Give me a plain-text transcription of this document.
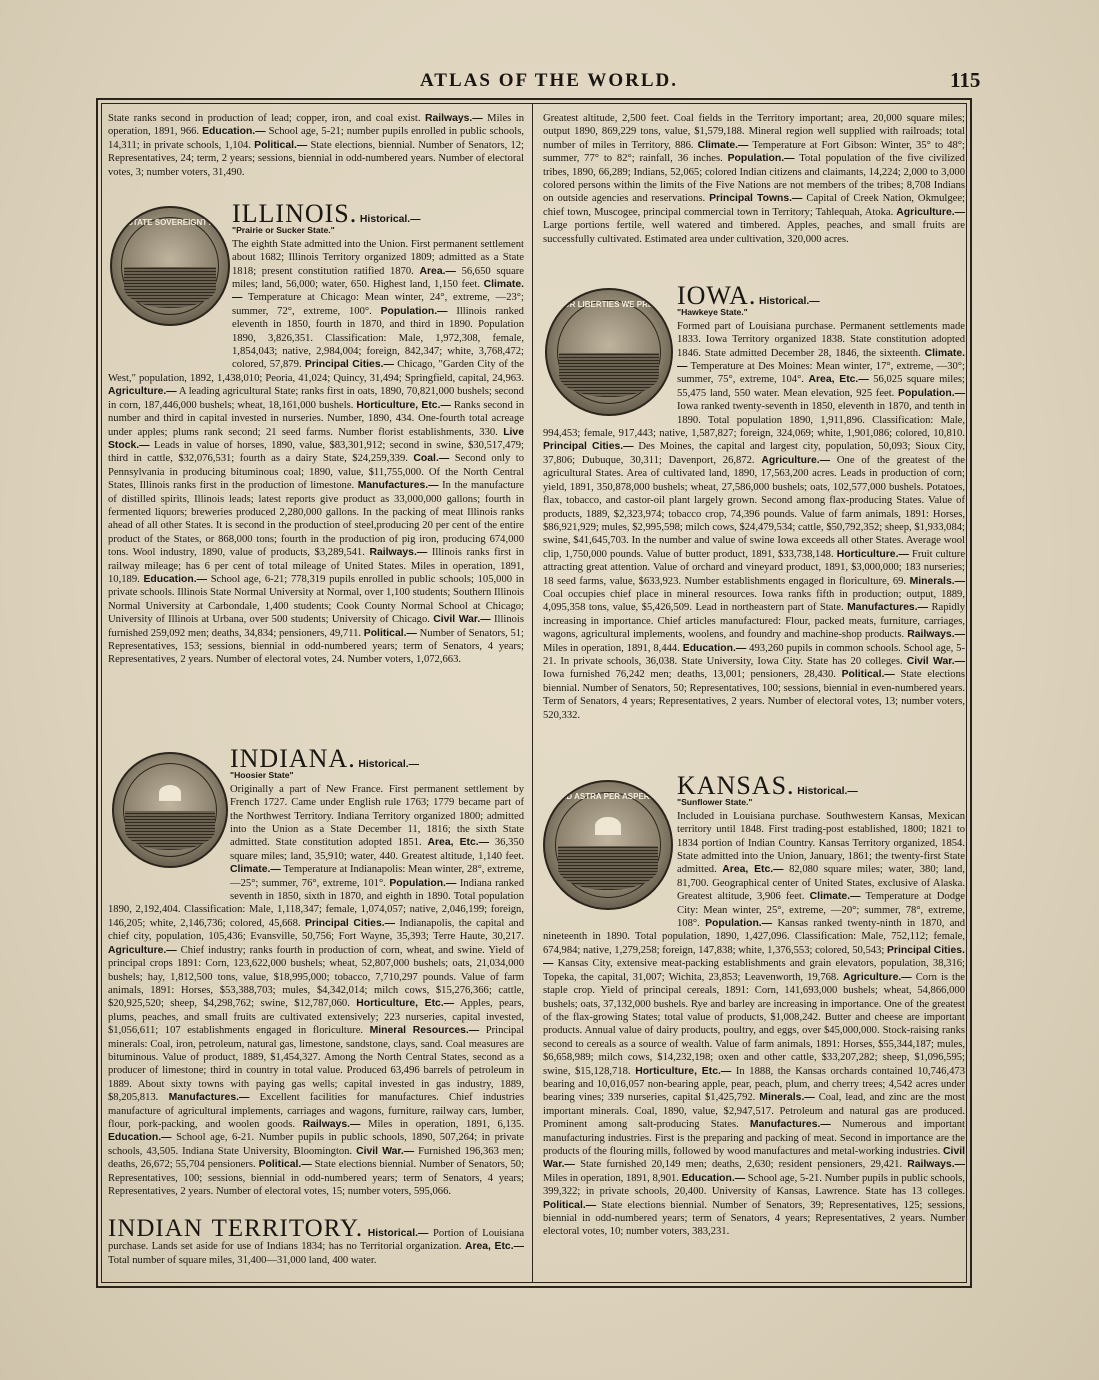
ATLAS OF THE WORLD.	115

State ranks second in production of lead; copper, iron, and coal exist. Railways.— Miles in operation, 1891, 966. Education.— School age, 5-21; number pupils enrolled in public schools, 14,311; in private schools, 1,104. Political.— State elections, biennial. Number of Senators, 12; Representatives, 24; term, 2 years; sessions, biennial in odd-numbered years. Number of electoral votes, 3; number voters, 31,490.

STATE SOVEREIGNTY ILLINOIS. Historical.—
"Prairie or Sucker State."

The eighth State admitted into the Union. First permanent settlement about 1682; Illinois Territory organized 1809; admitted as a State 1818; present constitution ratified 1870. Area.— 56,650 square miles; land, 56,000; water, 650. Highest land, 1,150 feet. Climate.— Temperature at Chicago: Mean winter, 24°, extreme, —23°; summer, 72°, extreme, 100°. Population.— Illinois ranked eleventh in 1850, fourth in 1870, and third in 1890. Population 1890, 3,826,351. Classification: Male, 1,972,308, female, 1,854,043; native, 2,984,004; foreign, 842,347; white, 3,768,472; colored, 57,879. Principal Cities.— Chicago, "Garden City of the West," population, 1892, 1,438,010; Peoria, 41,024; Quincy, 31,494; Springfield, capital, 24,963. Agriculture.— A leading agricultural State; ranks first in oats, 1890, 70,821,000 bushels; second in corn, 187,446,000 bushels; wheat, 18,161,000 bushels. Horticulture, Etc.— Ranks second in number and third in capital invested in nurseries. Number, 1890, 434. One-fourth total acreage under apples; plums rank second; 21 seed farms. Number florist establishments, 330. Live Stock.— Leads in value of horses, 1890, value, $83,301,912; second in swine, $30,517,479; third in cattle, $32,076,531; fourth as a dairy State, $24,259,339. Coal.— Second only to Pennsylvania in producing bituminous coal; 1890, value, $11,755,000. Of the North Central States, Illinois ranks first in the production of limestone. Manufactures.— In the manufacture of distilled spirits, Illinois leads; latest reports give product as 33,000,000 gallons; fourth in fermented liquors; breweries produced 2,280,000 gallons. In the packing of meat Illinois ranks ahead of all other States. It is second in the production of steel,producing 20 per cent of the entire product of the States, or 868,000 tons; fourth in the production of pig iron, producing 674,000 tons. Wool industry, 1890, value of products, $3,289,541. Railways.— Illinois ranks first in railway mileage; has 6 per cent of total mileage of United States. Miles in operation, 1891, 10,189. Education.— School age, 6-21; 778,319 pupils enrolled in public schools; 105,000 in private schools. Illinois State Normal University at Normal, over 1,100 students; Southern Illinois Normal University at Carbondale, 1,400 students; Cook County Normal School at Chicago; University of Illinois at Urbana, over 500 students; University of Chicago. Civil War.— Illinois furnished 259,092 men; deaths, 34,834; pensioners, 49,711. Political.— Number of Senators, 51; Representatives, 153; sessions, biennial in odd-numbered years; term of Senators, 4 years; Representatives, 2 years. Number of electoral votes, 24. Number voters, 1,072,663.

INDIANA. Historical.—
"Hoosier State"

Originally a part of New France. First permanent settlement by French 1727. Came under English rule 1763; 1779 became part of the Northwest Territory. Indiana Territory organized 1800; admitted into the Union as a State December 11, 1816; the sixth State admitted. State constitution adopted 1851. Area, Etc.— 36,350 square miles; land, 35,910; water, 440. Greatest altitude, 1,140 feet. Climate.— Temperature at Indianapolis: Mean winter, 28°, extreme, —25°; summer, 76°, extreme, 101°. Population.— Indiana ranked seventh in 1850, sixth in 1870, and eighth in 1890. Total population 1890, 2,192,404. Classification: Male, 1,118,347; female, 1,074,057; native, 2,046,199; foreign, 146,205; white, 2,146,736; colored, 45,668. Principal Cities.— Indianapolis, the capital and chief city, population, 105,436; Evansville, 50,756; Fort Wayne, 35,393; Terre Haute, 30,217. Agriculture.— Chief industry; ranks fourth in production of corn, wheat, and swine. Yield of principal crops 1891: Corn, 123,622,000 bushels; wheat, 52,807,000 bushels; oats, 21,034,000 bushels; hay, 1,812,500 tons, value, $18,995,000; tobacco, 7,710,297 pounds. Value of farm animals, 1891: Horses, $53,388,703; mules, $4,342,014; milch cows, $15,276,366; cattle, $20,925,520; sheep, $4,298,762; swine, $12,787,060. Horticulture, Etc.— Apples, pears, plums, peaches, and small fruits are cultivated extensively; 223 nurseries, capital invested, $1,056,611; 107 establishments engaged in floriculture. Mineral Resources.— Principal minerals: Coal, iron, petroleum, natural gas, limestone, sandstone, clays, sand. Coal measures are bituminous. Value of product, 1889, $1,454,327. Among the North Central States, second as a producer of limestone; third in country in total value. Produced 63,496 barrels of petroleum in 1889. About sixty towns with paying gas wells; capital invested in gas industry, 1889, $8,205,813. Manufactures.— Excellent facilities for manufactures. Chief industries manufacture of agricultural implements, carriages and wagons, furniture, railway cars, lumber, flour, pork-packing, and woolen goods. Railways.— Miles in operation, 1891, 6,135. Education.— School age, 6-21. Number pupils in public schools, 1890, 507,264; in private schools, 43,505. Indiana State University, Bloomington. Civil War.— Furnished 196,363 men; deaths, 26,672; 55,704 pensioners. Political.— State elections biennial. Number of Senators, 50; Representatives, 100; sessions, biennial in odd-numbered years; term of Senators, 4 years; Representatives, 2 years. Number of electoral votes, 15; number voters, 595,066.

INDIAN TERRITORY. Historical.— Portion of Louisiana purchase. Lands set aside for use of Indians 1834; has no Territorial organization. Area, Etc.— Total number of square miles, 31,400—31,000 land, 400 water.

Greatest altitude, 2,500 feet. Coal fields in the Territory important; area, 20,000 square miles; output 1890, 869,229 tons, value, $1,579,188. Mineral region well supplied with railroads; total number of miles in Territory, 886. Climate.— Temperature at Fort Gibson: Winter, 35° to 48°; summer, 77° to 82°; rainfall, 36 inches. Population.— Total population of the five civilized tribes, 1890, 66,289; Indians, 52,065; colored Indian citizens and claimants, 14,224; 2,000 to 3,000 colored persons within the limits of the Five Nations are not members of the tribes; 8,708 Indians on outside agencies and reservations. Principal Towns.— Capital of Creek Nation, Okmulgee; chief town, Muscogee, principal commercial town in Territory; Tahlequah, Atoka. Agriculture.— Large portions fertile, well watered and timbered. Apples, peaches, and small fruits are successfully cultivated. Estimated area under cultivation, 320,000 acres.

OUR LIBERTIES WE PRIZE IOWA. Historical.—
"Hawkeye State."

Formed part of Louisiana purchase. Permanent settlements made 1833. Iowa Territory organized 1838. State constitution adopted 1846. State admitted December 28, 1846, the sixteenth. Climate.— Temperature at Des Moines: Mean winter, 17°, extreme, —30°; summer, 75°, extreme, 104°. Area, Etc.— 56,025 square miles; 55,475 land, 550 water. Mean elevation, 925 feet. Population.— Iowa ranked twenty-seventh in 1850, eleventh in 1870, and tenth in 1890. Total population 1890, 1,911,896. Classification: Male, 994,453; female, 917,443; native, 1,587,827; foreign, 324,069; white, 1,901,086; colored, 10,810. Principal Cities.— Des Moines, the capital and largest city, population, 50,093; Sioux City, 37,806; Dubuque, 30,311; Davenport, 26,872. Agriculture.— One of the greatest of the agricultural States. Area of cultivated land, 1890, 17,563,200 acres. Leads in production of corn; yield, 1891, 350,878,000 bushels; wheat, 27,586,000 bushels; oats, 102,577,000 bushels. Potatoes, flax, tobacco, and castor-oil plant largely grown. Second among flax-producing States. Value of products, 1889, $2,323,974; tobacco crop, 74,396 pounds. Value of farm animals, 1891: Horses, $86,921,929; mules, $2,995,598; milch cows, $24,479,534; cattle, $50,792,352; sheep, $1,933,084; swine, $41,645,703. In the number and value of swine Iowa exceeds all other States. Average wool clip, 1,750,000 pounds. Value of butter product, 1891, $33,738,148. Horticulture.— Fruit culture attracting great attention. Value of orchard and vineyard product, 1891, $3,000,000; 183 nurseries; 18 seed farms, value, $633,923. Number establishments engaged in floriculture, 69. Minerals.— Coal occupies chief place in mineral resources. Iowa ranks fifth in production; output, 1889, 4,095,358 tons, value, $5,426,509. Lead in northeastern part of State. Manufactures.— Rapidly increasing in importance. Chief articles manufactured: Flour, packed meats, furniture, carriages, wagons, agricultural implements, woolens, and foundry and machine-shop products. Railways.— Miles in operation, 1891, 8,444. Education.— 493,260 pupils in common schools. School age, 5-21. In private schools, 36,038. State University, Iowa City. State has 20 colleges. Civil War.— Iowa furnished 76,242 men; deaths, 13,001; pensioners, 28,430. Political.— State elections biennial. Number of Senators, 50; Representatives, 100; sessions, biennial in even-numbered years. Term of Senators, 4 years; Representatives, 2 years. Number of electoral votes, 13; number voters, 520,332.

AD ASTRA PER ASPERA KANSAS. Historical.—
"Sunflower State."

Included in Louisiana purchase. Southwestern Kansas, Mexican territory until 1848. First trading-post established, 1800; 1821 to 1834 portion of Indian Country. Kansas Territory organized, 1854. State admitted into the Union, January, 1861; the twenty-first State admitted. Area, Etc.— 82,080 square miles; water, 380; land, 81,700. Geographical center of United States, exclusive of Alaska. Greatest altitude, 3,906 feet. Climate.— Temperature at Dodge City: Mean winter, 25°, extreme, —20°; summer, 78°, extreme, 108°. Population.— Kansas ranked twenty-ninth in 1870, and nineteenth in 1890. Total population, 1890, 1,427,096. Classification: Male, 752,112; female, 674,984; native, 1,279,258; foreign, 147,838; white, 1,376,553; colored, 50,543; Principal Cities.— Kansas City, extensive meat-packing establishments and grain elevators, population, 38,316; Topeka, the capital, 31,007; Wichita, 23,853; Leavenworth, 19,768. Agriculture.— Corn is the staple crop. Yield of principal cereals, 1891: Corn, 141,693,000 bushels; wheat, 54,866,000 bushels; oats, 37,132,000 bushels. Rye and barley are increasing in importance. One of the greatest of the flax-growing States; total value of products, $1,008,242. Butter and cheese are important products. Annual value of dairy products, poultry, and eggs, over $45,000,000. Stock-raising ranks second to cereals as a source of wealth. Value of farm animals, 1891: Horses, $55,344,187; mules, $6,658,989; milch cows, $14,232,198; oxen and other cattle, $33,207,282; sheep, $1,096,595; swine, $15,128,718. Horticulture, Etc.— In 1888, the Kansas orchards contained 10,746,473 bearing and 10,016,057 non-bearing apple, pear, peach, plum, and cherry trees; 4,542 acres under bearing vines; 339 nurseries, capital $1,425,792. Minerals.— Coal, lead, and zinc are the most important minerals. Coal, 1890, value, $2,947,517. Petroleum and natural gas are produced. Prominent among salt-producing States. Manufactures.— Numerous and important manufacturing industries. First is the preparing and packing of meat. Second in importance are the products of the flouring mills, followed by wood manufactures and metal-working industries. Civil War.— State furnished 20,149 men; deaths, 2,630; resident pensioners, 29,421. Railways.— Miles in operation, 1891, 8,901. Education.— School age, 5-21. Number pupils in public schools, 399,322; in private schools, 20,400. University of Kansas, Lawrence. State has 13 colleges. Political.— State elections biennial. Number of Senators, 39; Representatives, 125; sessions, biennial in odd-numbered years; term of Senators, 4 years; Representatives, 2 years. Number electoral votes, 10; number voters, 383,231.
